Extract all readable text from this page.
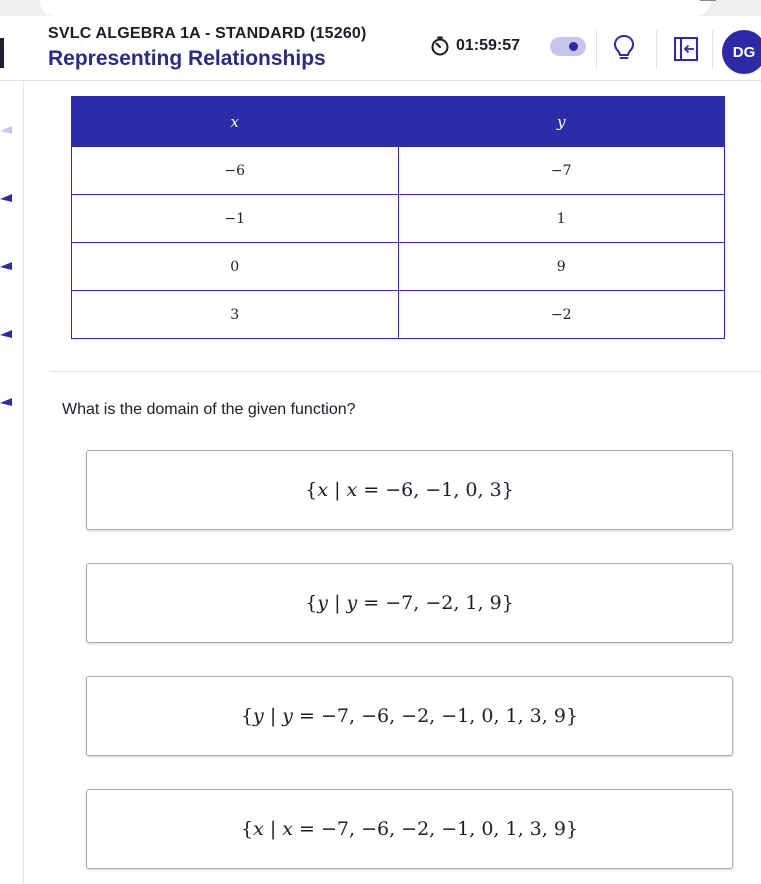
SVLC ALGEBRA 1A - STANDARD (15260)
Representing Relationships
01:59:57	DG
x	y
−6	−7
−1	1
0	9
3	−2
What is the domain of the given function?
{x | x = −6, −1, 0, 3}
{y | y = −7, −2, 1, 9}
{y | y = −7, −6, −2, −1, 0, 1, 3, 9}
{x | x = −7, −6, −2, −1, 0, 1, 3, 9}
